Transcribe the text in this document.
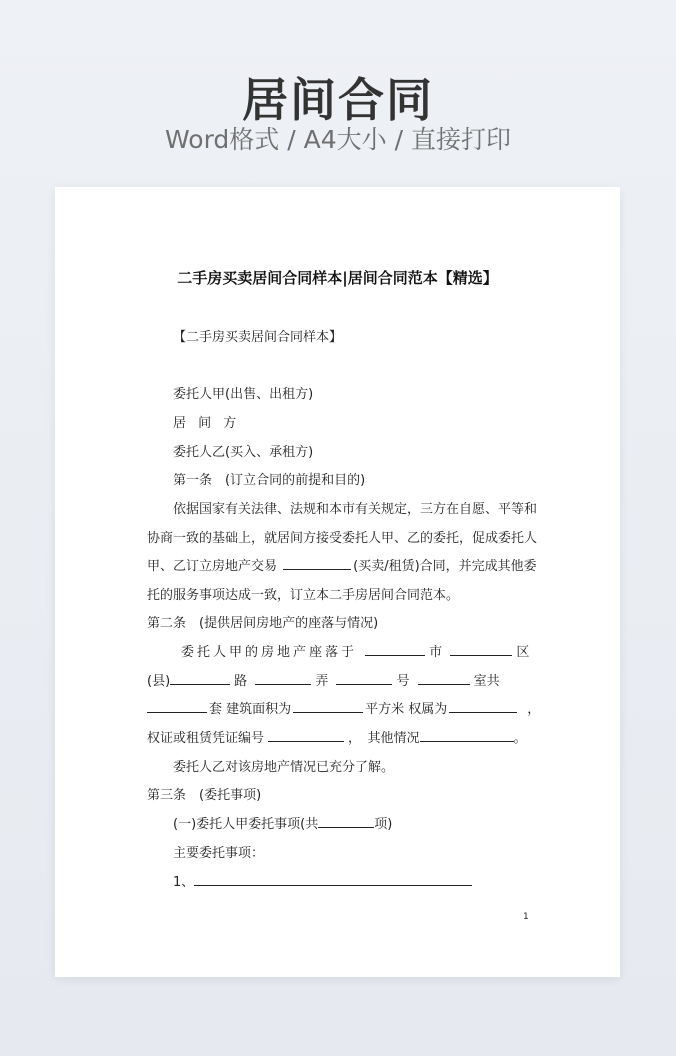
居间合同
Word格式 / A4大小 / 直接打印
二手房买卖居间合同样本|居间合同范本【精选】
【二手房买卖居间合同样本】
委托人甲(出售、出租方)
居 间 方
委托人乙(买入、承租方)
第一条　(订立合同的前提和目的)
依据国家有关法律、法规和本市有关规定，三方在自愿、平等和
协商一致的基础上，就居间方接受委托人甲、乙的委托，促成委托人
甲、乙订立房地产交易	(买卖/租赁)合同，并完成其他委
托的服务事项达成一致，订立本二手房居间合同范本。
第二条　(提供居间房地产的座落与情况)
委托人甲的房地产座落于	市	区
(县)	路	弄	号	室共
套 建筑面积为	平方米 权属为	，
权证或租赁凭证编号	，　其他情况	。
委托人乙对该房地产情况已充分了解。
第三条　(委托事项)
(一)委托人甲委托事项(共	项)
主要委托事项：
1、
1
